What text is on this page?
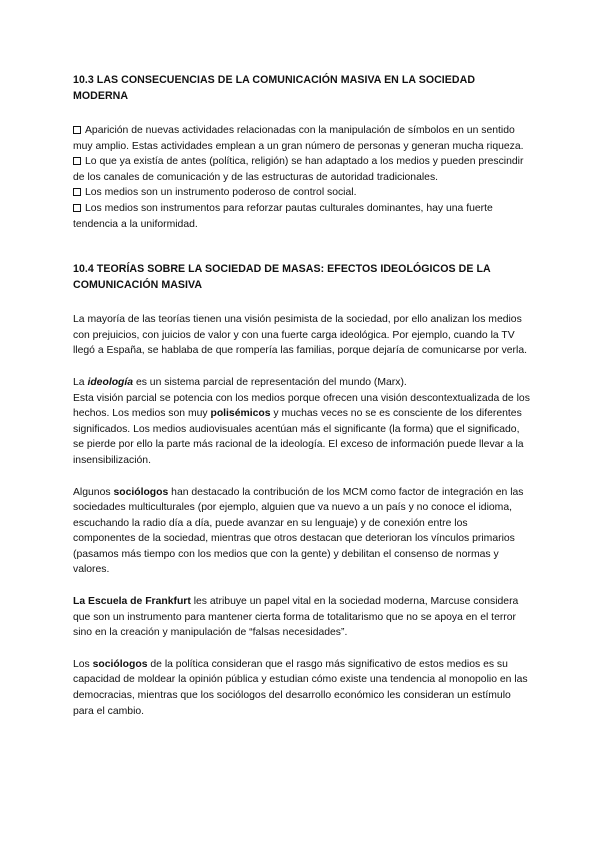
10.3 LAS CONSECUENCIAS DE LA COMUNICACIÓN MASIVA EN LA SOCIEDAD MODERNA

Aparición de nuevas actividades relacionadas con la manipulación de símbolos en un sentido muy amplio. Estas actividades emplean a un gran número de personas y generan mucha riqueza.

Lo que ya existía de antes (política, religión) se han adaptado a los medios y pueden prescindir de los canales de comunicación y de las estructuras de autoridad tradicionales.

Los medios son un instrumento poderoso de control social.

Los medios son instrumentos para reforzar pautas culturales dominantes, hay una fuerte tendencia a la uniformidad.

10.4 TEORÍAS SOBRE LA SOCIEDAD DE MASAS: EFECTOS IDEOLÓGICOS DE LA COMUNICACIÓN MASIVA

La mayoría de las teorías tienen una visión pesimista de la sociedad, por ello analizan los medios con prejuicios, con juicios de valor y con una fuerte carga ideológica. Por ejemplo, cuando la TV llegó a España, se hablaba de que rompería las familias, porque dejaría de comunicarse por verla.

La ideología es un sistema parcial de representación del mundo (Marx).
Esta visión parcial se potencia con los medios porque ofrecen una visión descontextualizada de los hechos. Los medios son muy polisémicos y muchas veces no se es consciente de los diferentes significados. Los medios audiovisuales acentúan más el significante (la forma) que el significado, se pierde por ello la parte más racional de la ideología. El exceso de información puede llevar a la insensibilización.

Algunos sociólogos han destacado la contribución de los MCM como factor de integración en las sociedades multiculturales (por ejemplo, alguien que va nuevo a un país y no conoce el idioma, escuchando la radio día a día, puede avanzar en su lenguaje) y de conexión entre los componentes de la sociedad, mientras que otros destacan que deterioran los vínculos primarios (pasamos más tiempo con los medios que con la gente) y debilitan el consenso de normas y valores.

La Escuela de Frankfurt les atribuye un papel vital en la sociedad moderna, Marcuse considera que son un instrumento para mantener cierta forma de totalitarismo que no se apoya en el terror sino en la creación y manipulación de “falsas necesidades”.

Los sociólogos de la política consideran que el rasgo más significativo de estos medios es su capacidad de moldear la opinión pública y estudian cómo existe una tendencia al monopolio en las democracias, mientras que los sociólogos del desarrollo económico les consideran un estímulo para el cambio.
